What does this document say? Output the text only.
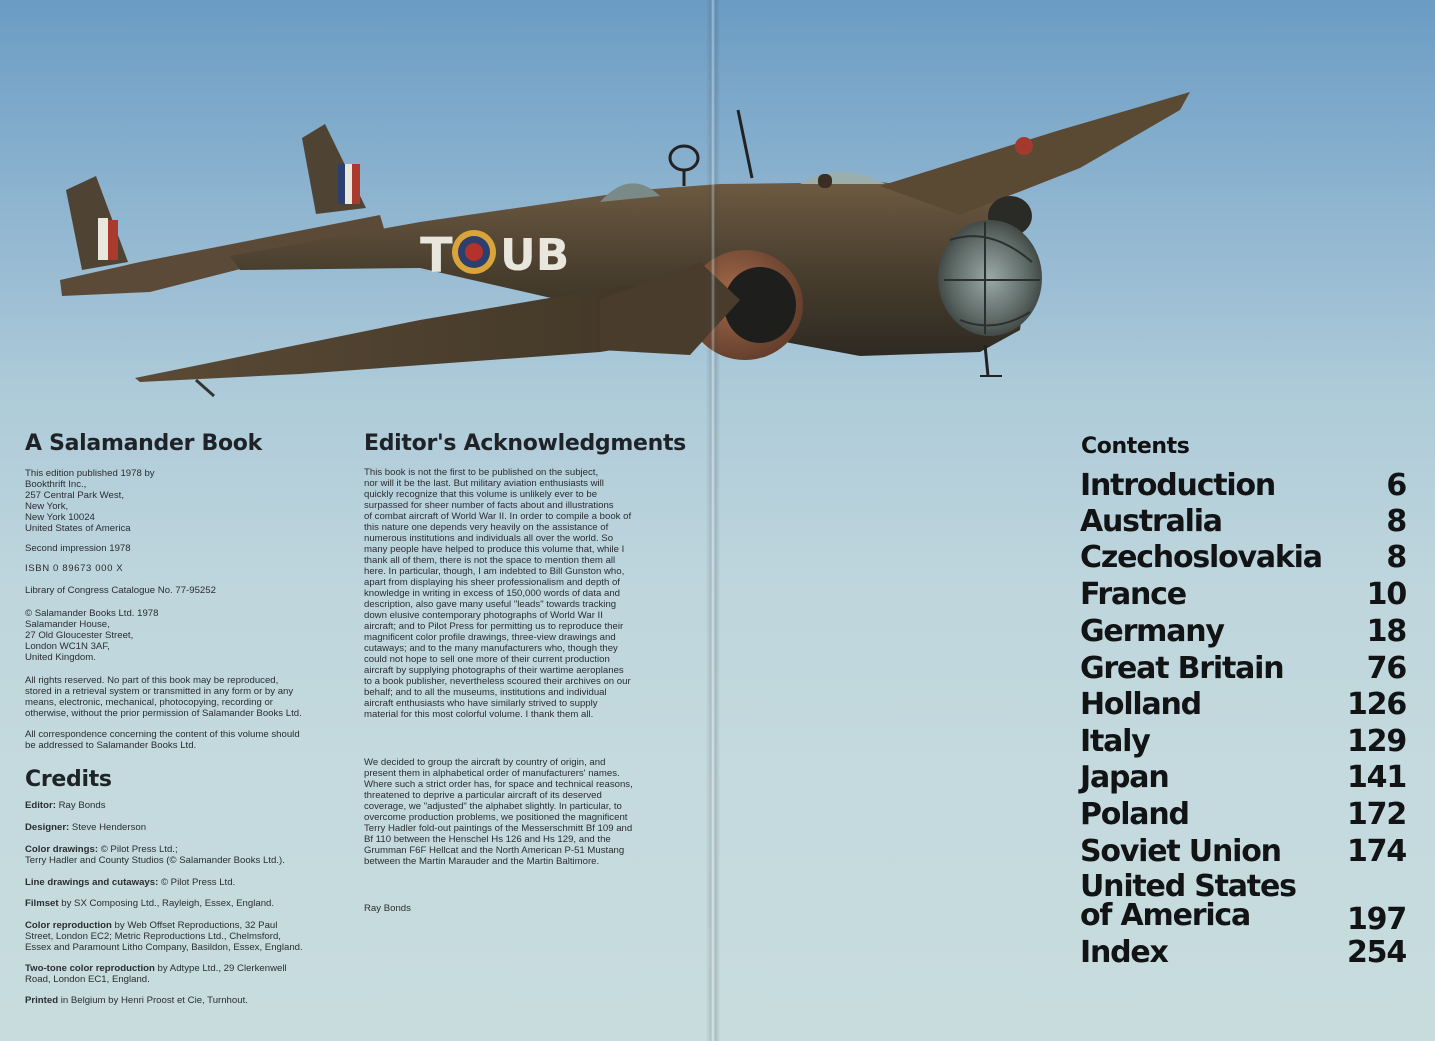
T UB
A Salamander Book
This edition published 1978 by
Bookthrift Inc.,
257 Central Park West,
New York,
New York 10024
United States of America
Second impression 1978
ISBN 0 89673 000 X
Library of Congress Catalogue No. 77-95252
© Salamander Books Ltd. 1978
Salamander House,
27 Old Gloucester Street,
London WC1N 3AF,
United Kingdom.
All rights reserved. No part of this book may be reproduced,
stored in a retrieval system or transmitted in any form or by any
means, electronic, mechanical, photocopying, recording or
otherwise, without the prior permission of Salamander Books Ltd.
All correspondence concerning the content of this volume should
be addressed to Salamander Books Ltd.
Credits
Editor: Ray Bonds
Designer: Steve Henderson
Color drawings: © Pilot Press Ltd.;
Terry Hadler and County Studios (© Salamander Books Ltd.).
Line drawings and cutaways: © Pilot Press Ltd.
Filmset by SX Composing Ltd., Rayleigh, Essex, England.
Color reproduction by Web Offset Reproductions, 32 Paul
Street, London EC2; Metric Reproductions Ltd., Chelmsford,
Essex and Paramount Litho Company, Basildon, Essex, England.
Two-tone color reproduction by Adtype Ltd., 29 Clerkenwell
Road, London EC1, England.
Printed in Belgium by Henri Proost et Cie, Turnhout.
Editor's Acknowledgments
This book is not the first to be published on the subject,
nor will it be the last. But military aviation enthusiasts will
quickly recognize that this volume is unlikely ever to be
surpassed for sheer number of facts about and illustrations
of combat aircraft of World War II. In order to compile a book of
this nature one depends very heavily on the assistance of
numerous institutions and individuals all over the world. So
many people have helped to produce this volume that, while I
thank all of them, there is not the space to mention them all
here. In particular, though, I am indebted to Bill Gunston who,
apart from displaying his sheer professionalism and depth of
knowledge in writing in excess of 150,000 words of data and
description, also gave many useful "leads" towards tracking
down elusive contemporary photographs of World War II
aircraft; and to Pilot Press for permitting us to reproduce their
magnificent color profile drawings, three-view drawings and
cutaways; and to the many manufacturers who, though they
could not hope to sell one more of their current production
aircraft by supplying photographs of their wartime aeroplanes
to a book publisher, nevertheless scoured their archives on our
behalf; and to all the museums, institutions and individual
aircraft enthusiasts who have similarly strived to supply
material for this most colorful volume. I thank them all.
We decided to group the aircraft by country of origin, and
present them in alphabetical order of manufacturers' names.
Where such a strict order has, for space and technical reasons,
threatened to deprive a particular aircraft of its deserved
coverage, we "adjusted" the alphabet slightly. In particular, to
overcome production problems, we positioned the magnificent
Terry Hadler fold-out paintings of the Messerschmitt Bf 109 and
Bf 110 between the Henschel Hs 126 and Hs 129, and the
Grumman F6F Hellcat and the North American P-51 Mustang
between the Martin Marauder and the Martin Baltimore.
Ray Bonds
Contents
Introduction	6
Australia	8
Czechoslovakia 8
France	10
Germany	18
Great Britain	76
Holland	126
Italy	129
Japan	141
Poland	172
Soviet Union 174
United States
of America	197
Index	254
